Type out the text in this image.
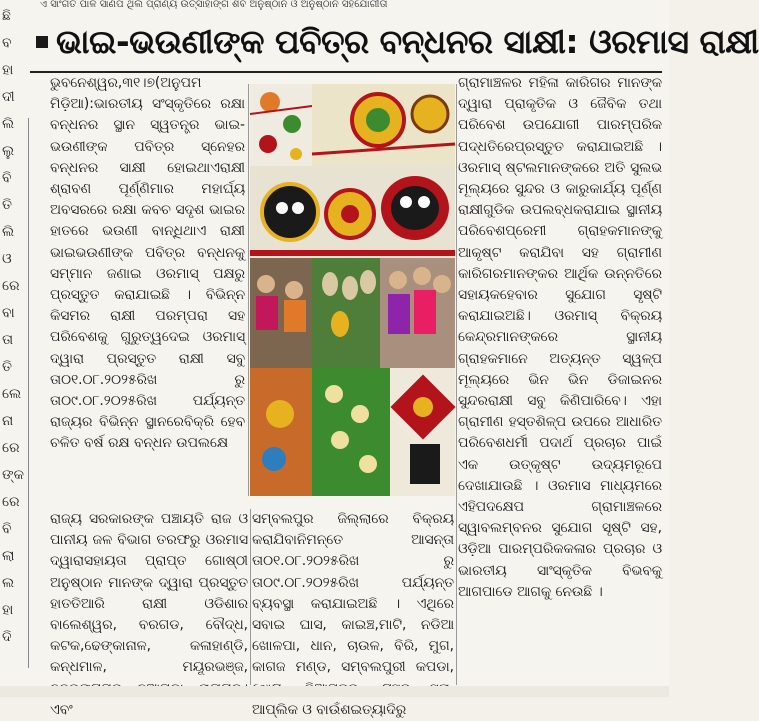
ଏ ସାଂଗତ ପାଳ ସାଣପ ଥିଲ ପ୍ରାଣ୍ୟ ଉତ୍ସାହାଙ୍ଗ ଶିବ ଅନୁଷ୍ଠାନ ଓ ଅନୁଷ୍ଠାନ ସହଯୋଗୀତା
ଛି
ବ
ହା
ଦୀ
ଲି
ଲୁ
ବି
ତି
ଲି
ଓ
ରେ
ବା
ତା
ତି
ଲେ
ନା
ରେ
ଙ୍କ
ରେ
ବି
ଲା
ଲ
ହା
ଦି
ଭାଇ-ଭଉଣୀଙ୍କ ପବିତ୍ର ବନ୍ଧନର ସାକ୍ଷୀ: ଓରମାସ ରାକ୍ଷୀ

ଭୁବନେଶ୍ୱର,୩୧।୭(ଅନୁପମ ମିଡ଼ିଆ):ଭାରତୀୟ ସଂସ୍କୃତିରେ ରକ୍ଷା ବନ୍ଧନର ସ୍ଥାନ ସ୍ୱତନ୍ତ୍ର ଭାଇ-ଭଉଣୀଙ୍କ ପବିତ୍ର ସ୍ନେହର ବନ୍ଧନର ସାକ୍ଷୀ ହୋଇଥାଏରାକ୍ଷୀ ଶ୍ରାବଣ ପୂର୍ଣ୍ଣିମାର ମହାର୍ଘ୍ୟ ଅବସରରେ ରକ୍ଷା କବଚ ସଦୃଶ ଭାଇର ହାତରେ ଭଉଣୀ ବାନ୍ଧିଥାଏ ରାକ୍ଷୀ ଭାଇଭଉଣୀଙ୍କ ପବିତ୍ର ବନ୍ଧନକୁ ସମ୍ମାନ ଜଣାଇ ଓରମାସ୍ ପକ୍ଷରୁ ପ୍ରସ୍ତୁତ କରାଯାଇଛି । ବିଭିନ୍ନ କିସମର ରାକ୍ଷୀ ପରମ୍ପରା ସହ ପରିବେଶକୁ ଗୁରୁତ୍ୱଦେଇ ଓରମାସ୍ ଦ୍ୱାରା ପ୍ରସ୍ତୁତ ରାକ୍ଷୀ ସବୁ ତା୦୧.୦୮.୨୦୨୫ରିଖ ରୁ ତା୦୯.୦୮.୨୦୨୫ରିଖ ପର୍ଯ୍ୟନ୍ତ ରାଜ୍ୟର ବିଭିନ୍ନ ସ୍ଥାନରେବିକ୍ରି ହେବ ଚଳିତ ବର୍ଷ ରକ୍ଷ ବନ୍ଧନ ଉପଲକ୍ଷେ

ରାଜ୍ୟ ସରକାରଙ୍କ ପଞ୍ଚାୟତି ରାଜ ଓ ପାନୀୟ ଜଳ ବିଭାଗ ତରଫରୁ ଓରମାସ ଦ୍ୱାରାସହାୟତା ପ୍ରାପ୍ତ ଗୋଷ୍ଠୀ ଅନୁଷ୍ଠାନ ମାନଙ୍କ ଦ୍ୱାରା ପ୍ରସ୍ତୁତ ହାତତିଆରି ରାକ୍ଷୀ ଓଡିଶାର ବାଲେଶ୍ୱର, ବରଗଡ, ବୌଦ୍ଧ, କଟକ,ଢେଙ୍କାନାଳ, କଳାହାଣ୍ଡି, କନ୍ଧମାଳ, ମୟୂରଭଞ୍ଜ, ଏବଂ

ସମ୍ବଲପୁର ଜିଲ୍ଲାରେ ବିକ୍ରୟ କରାଯିବାନିମନ୍ତେ ଆସନ୍ତା ତା୦୧.୦୮.୨୦୨୫ରିଖ ରୁ ତା୦୯.୦୮.୨୦୨୫ରିଖ ପର୍ଯ୍ୟନ୍ତ ବ୍ୟବସ୍ଥା କରାଯାଇଅଛି । ଏଥିରେ ସବାଇ ଘାସ, କାଇଞ୍ଚ,ମାଟି, ନଡିଆ ଖୋଳପା, ଧାନ, ଚାଉଳ, ବିରି, ମୁଗ, କାଗଜ ମଣ୍ଡ, ସମ୍ବଲପୁରୀ କପଡା, ଆପ୍ଲିକ ଓ ବାଉଁଶଇତ୍ୟାଦିରୁ

ଗ୍ରାମାଞ୍ଚଳର ମହିଳା କାରିଗର ମାନଙ୍କ ଦ୍ୱାରା ପ୍ରାକୃତିକ ଓ ଜୈବିକ ତଥା ପରିବେଶ ଉପଯୋଗୀ ପାରମ୍ପରିକ ପଦ୍ଧତିରେପ୍ରସ୍ତୁତ କରାଯାଇଅଛି । ଓରମାସ୍ ଷ୍ଟଲମାନଙ୍କରେ ଅତି ସୁଲଭ ମୂଲ୍ୟରେ ସୁନ୍ଦର ଓ କାରୁକାର୍ଯ୍ୟ ପୂର୍ଣ୍ଣ ରାକ୍ଷୀଗୁଡିକ ଉପଲବ୍ଧକରାଯାଇ ସ୍ଥାନୀୟ ପରିବେଶପ୍ରେମୀ ଗ୍ରାହକମାନଙ୍କୁ ଆକୃଷ୍ଟ କରାଯିବା ସହ ଗ୍ରାମୀଣ କାରିଗରମାନଙ୍କର ଆର୍ଥିକ ଉନ୍ନତିରେ ସହାୟକହେବାର ସୁଯୋଗ ସୃଷ୍ଟି କରାଯାଇଅଛି। ଓରମାସ୍ ବିକ୍ରୟ କେନ୍ଦ୍ରମାନଙ୍କରେ ସ୍ଥାନୀୟ ଗ୍ରାହକମାନେ ଅତ୍ୟନ୍ତ ସ୍ୱଳ୍ପ ମୂଲ୍ୟରେ ଭିନ ଭିନ ଡିଜାଇନର ସୁନ୍ଦରରାକ୍ଷୀ ସବୁ କିଣିପାରିବେ। ଏହା ଗ୍ରାମୀଣ ହସ୍ତଶିଳ୍ପ ଉପରେ ଆଧାରିତ ପରିବେଶଧର୍ମୀ ପଦାର୍ଥ ପ୍ରଚାର ପାଇଁ ଏକ ଉତ୍କୃଷ୍ଟ ଉଦ୍ୟମରୂପେ ଦେଖାଯାଉଛି । ଓରମାସ ମାଧ୍ୟମରେ ଏହିପଦକ୍ଷେପ ଗ୍ରାମାଞ୍ଚଳରେ ସ୍ୱାବଲମ୍ବନର ସୁଯୋଗ ସୃଷ୍ଟି ସହ, ଓଡ଼ିଆ ପାରମ୍ପରିକକଳାର ପ୍ରଚାର ଓ ଭାରତୀୟ ସାଂସ୍କୃତିକ ବିଭବକୁ ଆଗପାଡେ ଆଗକୁ ନେଉଛି ।
